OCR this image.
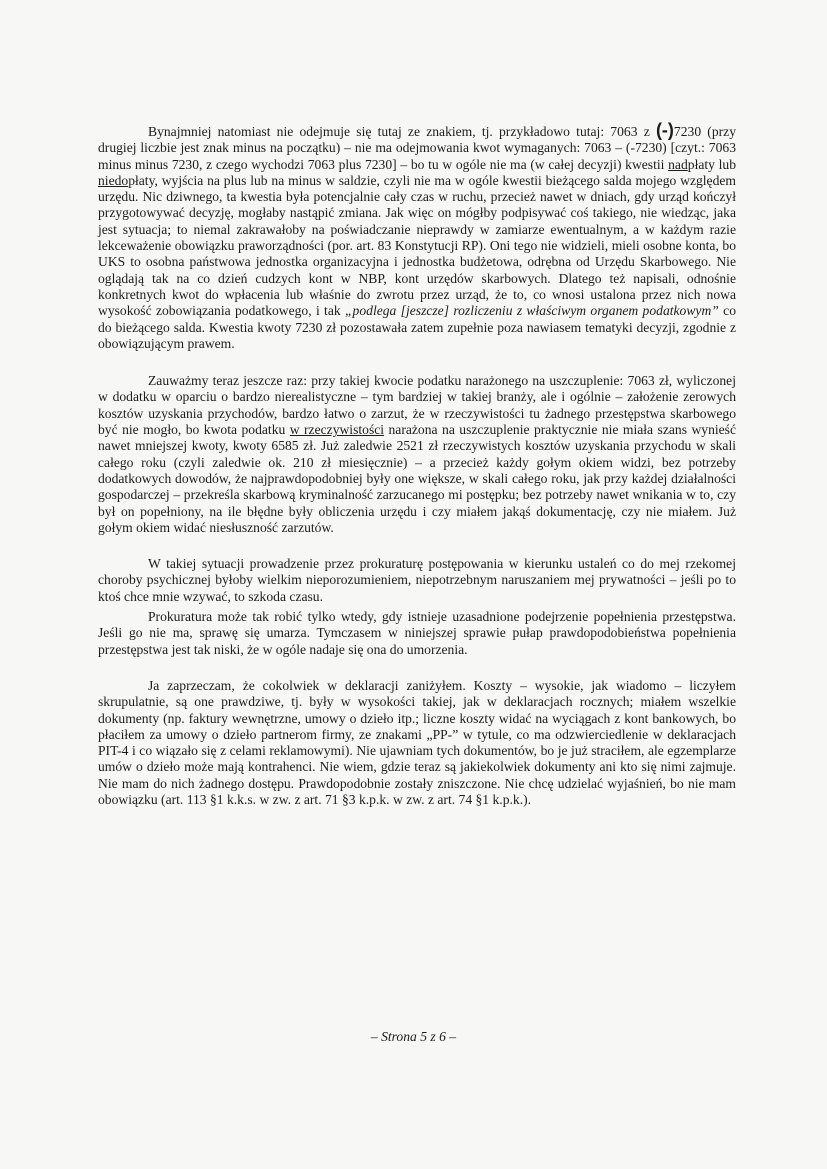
Bynajmniej natomiast nie odejmuje się tutaj ze znakiem, tj. przykładowo tutaj: 7063 z (-)7230 (przy drugiej liczbie jest znak minus na początku) – nie ma odejmowania kwot wymaganych: 7063 – (-7230) [czyt.: 7063 minus minus 7230, z czego wychodzi 7063 plus 7230] – bo tu w ogóle nie ma (w całej decyzji) kwestii nadpłaty lub niedopłaty, wyjścia na plus lub na minus w saldzie, czyli nie ma w ogóle kwestii bieżącego salda mojego względem urzędu. Nic dziwnego, ta kwestia była potencjalnie cały czas w ruchu, przecież nawet w dniach, gdy urząd kończył przygotowywać decyzję, mogłaby nastąpić zmiana. Jak więc on mógłby podpisywać coś takiego, nie wiedząc, jaka jest sytuacja; to niemal zakrawałoby na poświadczanie nieprawdy w zamiarze ewentualnym, a w każdym razie lekceważenie obowiązku praworządności (por. art. 83 Konstytucji RP). Oni tego nie widzieli, mieli osobne konta, bo UKS to osobna państwowa jednostka organizacyjna i jednostka budżetowa, odrębna od Urzędu Skarbowego. Nie oglądają tak na co dzień cudzych kont w NBP, kont urzędów skarbowych. Dlatego też napisali, odnośnie konkretnych kwot do wpłacenia lub właśnie do zwrotu przez urząd, że to, co wnosi ustalona przez nich nowa wysokość zobowiązania podatkowego, i tak „podlega [jeszcze] rozliczeniu z właściwym organem podatkowym” co do bieżącego salda. Kwestia kwoty 7230 zł pozostawała zatem zupełnie poza nawiasem tematyki decyzji, zgodnie z obowiązującym prawem.

Zauważmy teraz jeszcze raz: przy takiej kwocie podatku narażonego na uszczuplenie: 7063 zł, wyliczonej w dodatku w oparciu o bardzo nierealistyczne – tym bardziej w takiej branży, ale i ogólnie – założenie zerowych kosztów uzyskania przychodów, bardzo łatwo o zarzut, że w rzeczywistości tu żadnego przestępstwa skarbowego być nie mogło, bo kwota podatku w rzeczywistości narażona na uszczuplenie praktycznie nie miała szans wynieść nawet mniejszej kwoty, kwoty 6585 zł. Już zaledwie 2521 zł rzeczywistych kosztów uzyskania przychodu w skali całego roku (czyli zaledwie ok. 210 zł miesięcznie) – a przecież każdy gołym okiem widzi, bez potrzeby dodatkowych dowodów, że najprawdopodobniej były one większe, w skali całego roku, jak przy każdej działalności gospodarczej – przekreśla skarbową kryminalność zarzucanego mi postępku; bez potrzeby nawet wnikania w to, czy był on popełniony, na ile błędne były obliczenia urzędu i czy miałem jakąś dokumentację, czy nie miałem. Już gołym okiem widać niesłuszność zarzutów.

W takiej sytuacji prowadzenie przez prokuraturę postępowania w kierunku ustaleń co do mej rzekomej choroby psychicznej byłoby wielkim nieporozumieniem, niepotrzebnym naruszaniem mej prywatności – jeśli po to ktoś chce mnie wzywać, to szkoda czasu.

Prokuratura może tak robić tylko wtedy, gdy istnieje uzasadnione podejrzenie popełnienia przestępstwa. Jeśli go nie ma, sprawę się umarza. Tymczasem w niniejszej sprawie pułap prawdopodobieństwa popełnienia przestępstwa jest tak niski, że w ogóle nadaje się ona do umorzenia.

Ja zaprzeczam, że cokolwiek w deklaracji zaniżyłem. Koszty – wysokie, jak wiadomo – liczyłem skrupulatnie, są one prawdziwe, tj. były w wysokości takiej, jak w deklaracjach rocznych; miałem wszelkie dokumenty (np. faktury wewnętrzne, umowy o dzieło itp.; liczne koszty widać na wyciągach z kont bankowych, bo płaciłem za umowy o dzieło partnerom firmy, ze znakami „PP-” w tytule, co ma odzwierciedlenie w deklaracjach PIT-4 i co wiązało się z celami reklamowymi). Nie ujawniam tych dokumentów, bo je już straciłem, ale egzemplarze umów o dzieło może mają kontrahenci. Nie wiem, gdzie teraz są jakiekolwiek dokumenty ani kto się nimi zajmuje. Nie mam do nich żadnego dostępu. Prawdopodobnie zostały zniszczone. Nie chcę udzielać wyjaśnień, bo nie mam obowiązku (art. 113 §1 k.k.s. w zw. z art. 71 §3 k.p.k. w zw. z art. 74 §1 k.p.k.).

– Strona 5 z 6 –
